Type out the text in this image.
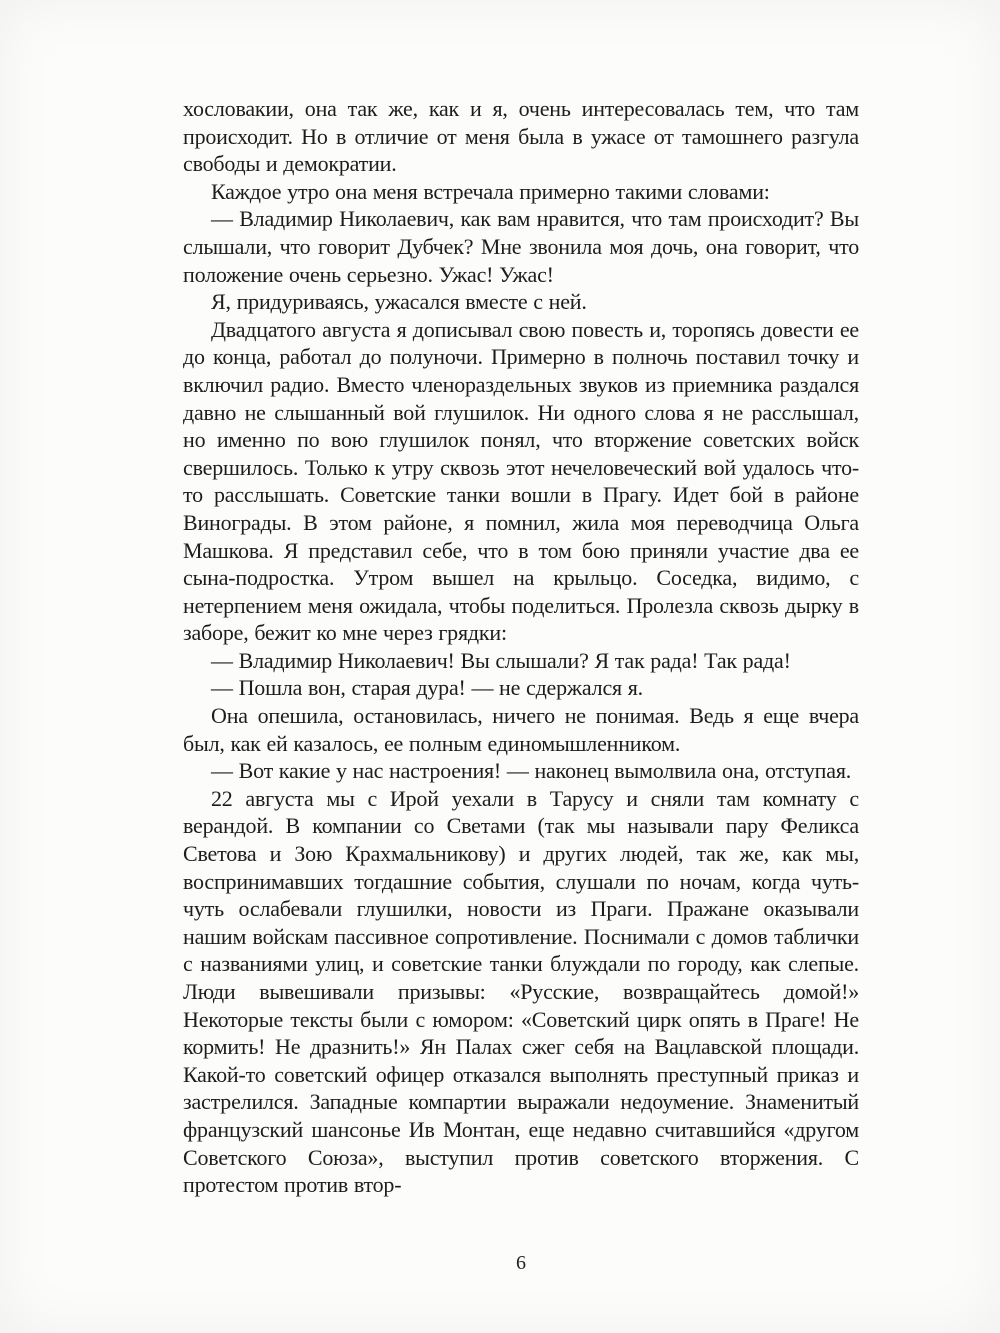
хословакии, она так же, как и я, очень интересовалась тем, что там происходит. Но в отличие от меня была в ужасе от тамошнего разгула свободы и демократии.

Каждое утро она меня встречала примерно такими словами:

— Владимир Николаевич, как вам нравится, что там происходит? Вы слышали, что говорит Дубчек? Мне звонила моя дочь, она говорит, что положение очень серьезно. Ужас! Ужас!

Я, придуриваясь, ужасался вместе с ней.

Двадцатого августа я дописывал свою повесть и, торопясь довести ее до конца, работал до полуночи. Примерно в полночь поставил точку и включил радио. Вместо членораздельных звуков из приемника раздался давно не слышанный вой глушилок. Ни одного слова я не расслышал, но именно по вою глушилок понял, что вторжение советских войск свершилось. Только к утру сквозь этот нечеловеческий вой удалось что-то расслышать. Советские танки вошли в Прагу. Идет бой в районе Винограды. В этом районе, я помнил, жила моя переводчица Ольга Машкова. Я представил себе, что в том бою приняли участие два ее сына-подростка. Утром вышел на крыльцо. Соседка, видимо, с нетерпением меня ожидала, чтобы поделиться. Пролезла сквозь дырку в заборе, бежит ко мне через грядки:

— Владимир Николаевич! Вы слышали? Я так рада! Так рада!

— Пошла вон, старая дура! — не сдержался я.

Она опешила, остановилась, ничего не понимая. Ведь я еще вчера был, как ей казалось, ее полным единомышленником.

— Вот какие у нас настроения! — наконец вымолвила она, отступая.

22 августа мы с Ирой уехали в Тарусу и сняли там комнату с верандой. В компании со Светами (так мы называли пару Феликса Светова и Зою Крахмальникову) и других людей, так же, как мы, воспринимавших тогдашние события, слушали по ночам, когда чуть-чуть ослабевали глушилки, новости из Праги. Пражане оказывали нашим войскам пассивное сопротивление. Поснимали с домов таблички с названиями улиц, и советские танки блуждали по городу, как слепые. Люди вывешивали призывы: «Русские, возвращайтесь домой!» Некоторые тексты были с юмором: «Советский цирк опять в Праге! Не кормить! Не дразнить!» Ян Палах сжег себя на Вацлавской площади. Какой-то советский офицер отказался выполнять преступный приказ и застрелился. Западные компартии выражали недоумение. Знаменитый французский шансонье Ив Монтан, еще недавно считавшийся «другом Советского Союза», выступил против советского вторжения. С протестом против втор-

6
